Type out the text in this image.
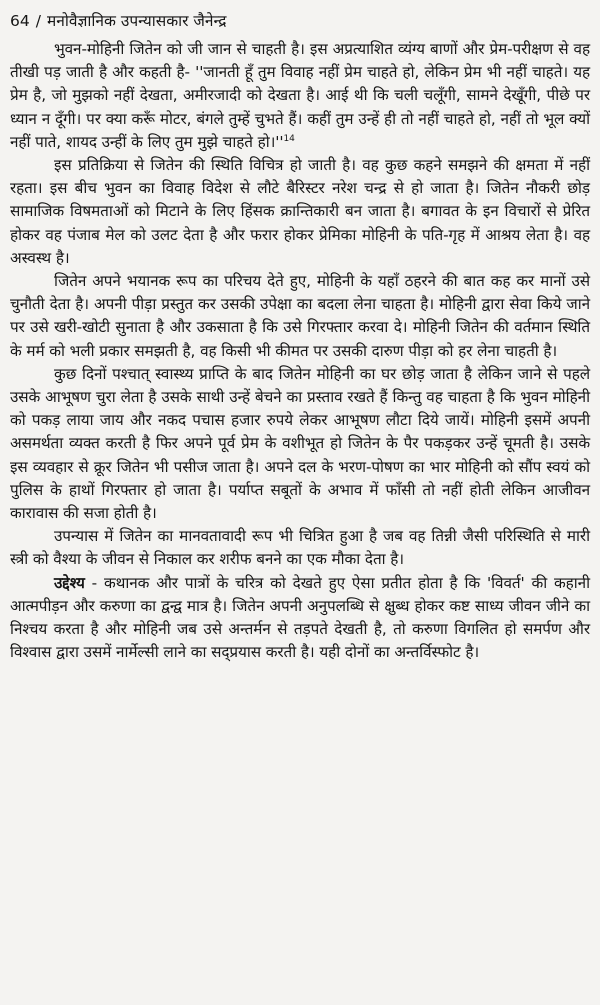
64 / मनोवैज्ञानिक उपन्यासकार जैनेन्द्र

भुवन-मोहिनी जितेन को जी जान से चाहती है। इस अप्रत्याशित व्यंग्य बाणों और प्रेम-परीक्षण से वह तीखी पड़ जाती है और कहती है- ''जानती हूँ तुम विवाह नहीं प्रेम चाहते हो, लेकिन प्रेम भी नहीं चाहते। यह प्रेम है, जो मुझको नहीं देखता, अमीरजादी को देखता है। आई थी कि चली चलूँगी, सामने देखूँगी, पीछे पर ध्यान न दूँगी। पर क्या करूँ मोटर, बंगले तुम्हें चुभते हैं। कहीं तुम उन्हें ही तो नहीं चाहते हो, नहीं तो भूल क्यों नहीं पाते, शायद उन्हीं के लिए तुम मुझे चाहते हो।''$^{14}$

इस प्रतिक्रिया से जितेन की स्थिति विचित्र हो जाती है। वह कुछ कहने समझने की क्षमता में नहीं रहता। इस बीच भुवन का विवाह विदेश से लौटे बैरिस्टर नरेश चन्द्र से हो जाता है। जितेन नौकरी छोड़ सामाजिक विषमताओं को मिटाने के लिए हिंसक क्रान्तिकारी बन जाता है। बगावत के इन विचारों से प्रेरित होकर वह पंजाब मेल को उलट देता है और फरार होकर प्रेमिका मोहिनी के पति-गृह में आश्रय लेता है। वह अस्वस्थ है।

जितेन अपने भयानक रूप का परिचय देते हुए, मोहिनी के यहाँ ठहरने की बात कह कर मानों उसे चुनौती देता है। अपनी पीड़ा प्रस्तुत कर उसकी उपेक्षा का बदला लेना चाहता है। मोहिनी द्वारा सेवा किये जाने पर उसे खरी-खोटी सुनाता है और उकसाता है कि उसे गिरफ्तार करवा दे। मोहिनी जितेन की वर्तमान स्थिति के मर्म को भली प्रकार समझती है, वह किसी भी कीमत पर उसकी दारुण पीड़ा को हर लेना चाहती है।

कुछ दिनों पश्चात् स्वास्थ्य प्राप्ति के बाद जितेन मोहिनी का घर छोड़ जाता है लेकिन जाने से पहले उसके आभूषण चुरा लेता है उसके साथी उन्हें बेचने का प्रस्ताव रखते हैं किन्तु वह चाहता है कि भुवन मोहिनी को पकड़ लाया जाय और नकद पचास हजार रुपये लेकर आभूषण लौटा दिये जायें। मोहिनी इसमें अपनी असमर्थता व्यक्त करती है फिर अपने पूर्व प्रेम के वशीभूत हो जितेन के पैर पकड़कर उन्हें चूमती है। उसके इस व्यवहार से क्रूर जितेन भी पसीज जाता है। अपने दल के भरण-पोषण का भार मोहिनी को सौंप स्वयं को पुलिस के हाथों गिरफ्तार हो जाता है। पर्याप्त सबूतों के अभाव में फाँसी तो नहीं होती लेकिन आजीवन कारावास की सजा होती है।

उपन्यास में जितेन का मानवतावादी रूप भी चित्रित हुआ है जब वह तिन्नी जैसी परिस्थिति से मारी स्त्री को वैश्या के जीवन से निकाल कर शरीफ बनने का एक मौका देता है।

उद्देश्य - कथानक और पात्रों के चरित्र को देखते हुए ऐसा प्रतीत होता है कि 'विवर्त' की कहानी आत्मपीड़न और करुणा का द्वन्द्व मात्र है। जितेन अपनी अनुपलब्धि से क्षुब्ध होकर कष्ट साध्य जीवन जीने का निश्चय करता है और मोहिनी जब उसे अन्तर्मन से तड़पते देखती है, तो करुणा विगलित हो समर्पण और विश्वास द्वारा उसमें नार्मेल्सी लाने का सद्प्रयास करती है। यही दोनों का अन्तर्विस्फोट है।
